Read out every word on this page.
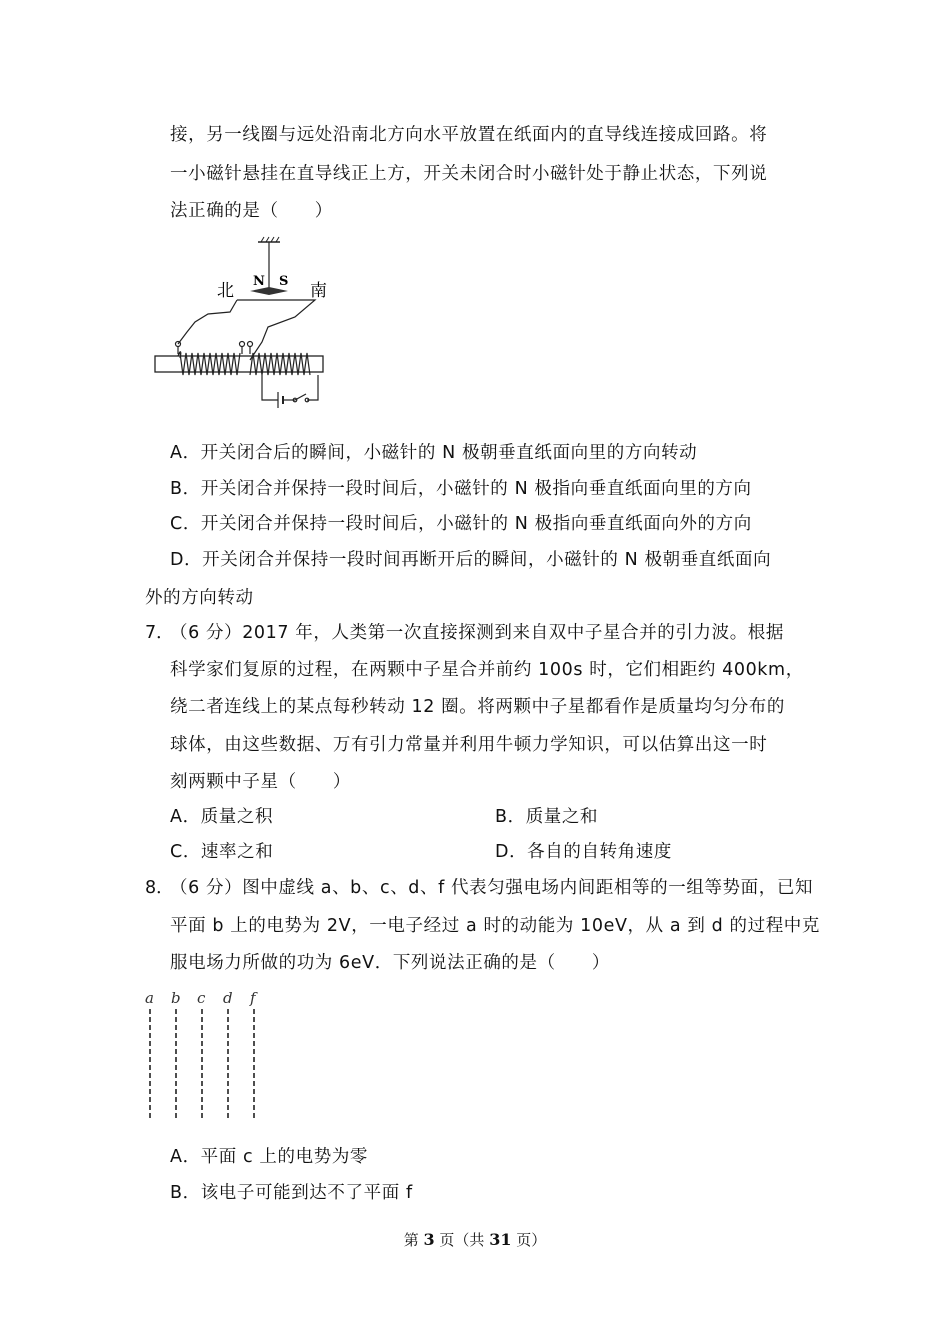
接，另一线圈与远处沿南北方向水平放置在纸面内的直导线连接成回路。将
一小磁针悬挂在直导线正上方，开关未闭合时小磁针处于静止状态，下列说
法正确的是（　　）
N S
北	南
A．开关闭合后的瞬间，小磁针的 N 极朝垂直纸面向里的方向转动
B．开关闭合并保持一段时间后，小磁针的 N 极指向垂直纸面向里的方向
C．开关闭合并保持一段时间后，小磁针的 N 极指向垂直纸面向外的方向
D．开关闭合并保持一段时间再断开后的瞬间，小磁针的 N 极朝垂直纸面向
外的方向转动
7．
（6 分）2017 年，人类第一次直接探测到来自双中子星合并的引力波。根据
科学家们复原的过程，在两颗中子星合并前约 100s 时，它们相距约 400km，
绕二者连线上的某点每秒转动 12 圈。将两颗中子星都看作是质量均匀分布的
球体，由这些数据、万有引力常量并利用牛顿力学知识，可以估算出这一时
刻两颗中子星（　　）
A．质量之积	B．质量之和
C．速率之和	D．各自的自转角速度
8．
（6 分）图中虚线 a、b、c、d、f 代表匀强电场内间距相等的一组等势面，已知
平面 b 上的电势为 2V，一电子经过 a 时的动能为 10eV，从 a 到 d 的过程中克
服电场力所做的功为 6eV．下列说法正确的是（　　）
a b c d f
A．平面 c 上的电势为零
B．该电子可能到达不了平面 f
第 3 页（共 31 页）
